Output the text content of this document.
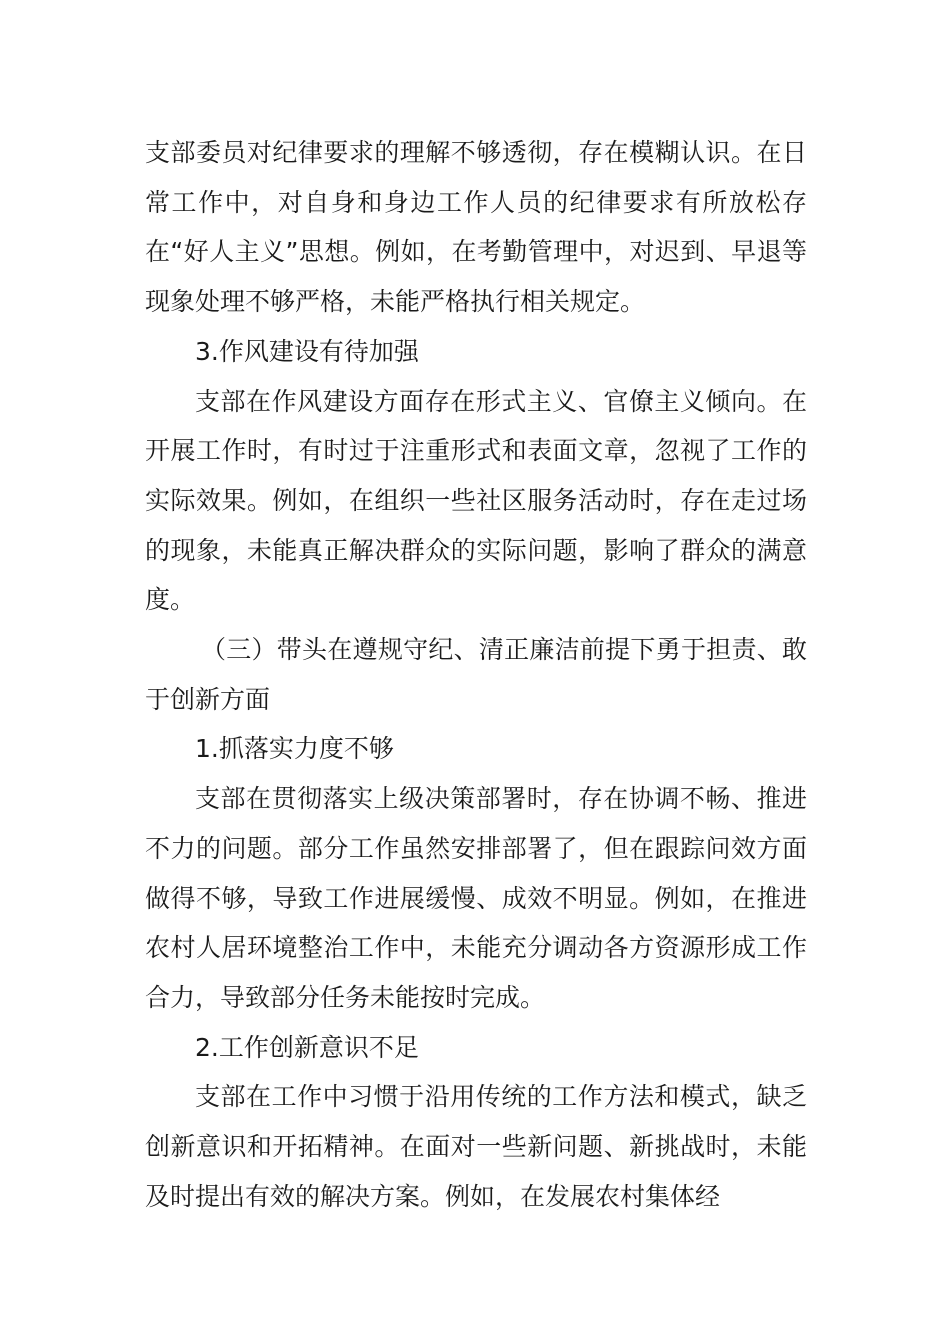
支部委员对纪律要求的理解不够透彻，存在模糊认识。在日常工作中，对自身和身边工作人员的纪律要求有所放松存在“好人主义”思想。例如，在考勤管理中，对迟到、早退等现象处理不够严格，未能严格执行相关规定。

3.作风建设有待加强

支部在作风建设方面存在形式主义、官僚主义倾向。在开展工作时，有时过于注重形式和表面文章，忽视了工作的实际效果。例如，在组织一些社区服务活动时，存在走过场的现象，未能真正解决群众的实际问题，影响了群众的满意度。

（三）带头在遵规守纪、清正廉洁前提下勇于担责、敢于创新方面

1.抓落实力度不够

支部在贯彻落实上级决策部署时，存在协调不畅、推进不力的问题。部分工作虽然安排部署了，但在跟踪问效方面做得不够，导致工作进展缓慢、成效不明显。例如，在推进农村人居环境整治工作中，未能充分调动各方资源形成工作合力，导致部分任务未能按时完成。

2.工作创新意识不足

支部在工作中习惯于沿用传统的工作方法和模式，缺乏创新意识和开拓精神。在面对一些新问题、新挑战时，未能及时提出有效的解决方案。例如，在发展农村集体经
